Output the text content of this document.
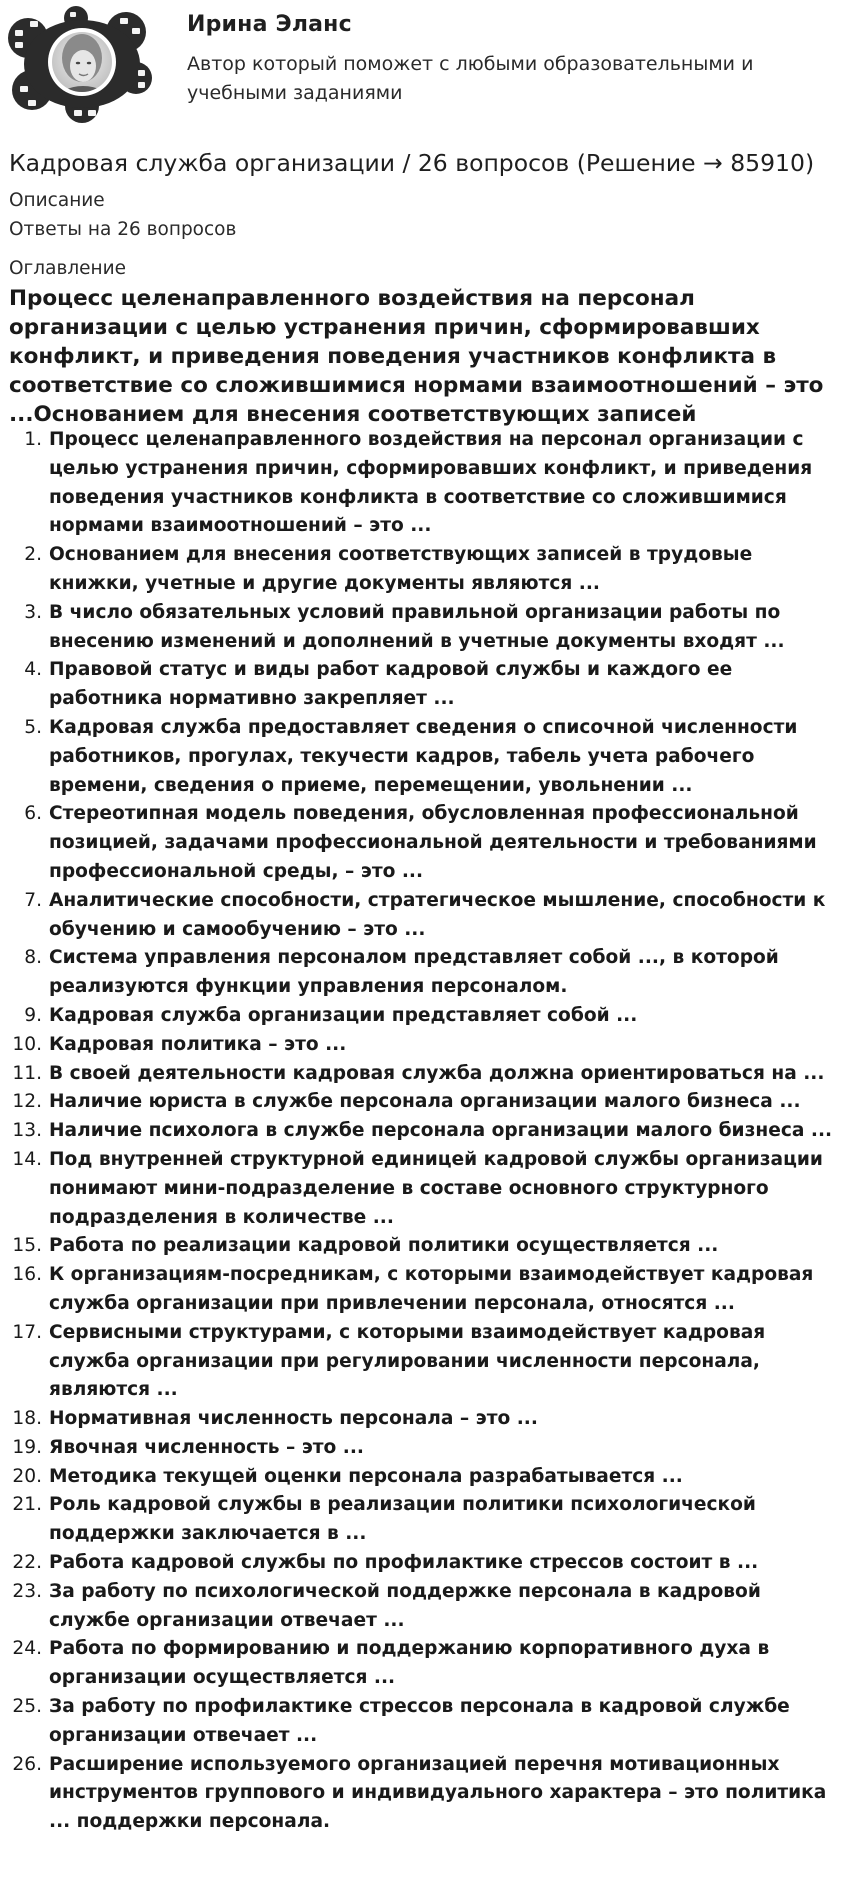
Ирина Эланс
Автор который поможет с любыми образовательными и учебными заданиями
Кадровая служба организации / 26 вопросов (Решение → 85910)
Описание
Ответы на 26 вопросов
Оглавление
Процесс целенаправленного воздействия на персонал организации с целью устранения причин, сформировавших конфликт, и приведения поведения участников конфликта в соответствие со сложившимися нормами взаимоотношений – это ...Основанием для внесения соответствующих записей
1. Процесс целенаправленного воздействия на персонал организации с целью устранения причин, сформировавших конфликт, и приведения поведения участников конфликта в соответствие со сложившимися нормами взаимоотношений – это ...
2. Основанием для внесения соответствующих записей в трудовые книжки, учетные и другие документы являются ...
3. В число обязательных условий правильной организации работы по внесению изменений и дополнений в учетные документы входят ...
4. Правовой статус и виды работ кадровой службы и каждого ее работника нормативно закрепляет ...
5. Кадровая служба предоставляет сведения о списочной численности работников, прогулах, текучести кадров, табель учета рабочего времени, сведения о приеме, перемещении, увольнении ...
6. Стереотипная модель поведения, обусловленная профессиональной позицией, задачами профессиональной деятельности и требованиями профессиональной среды, – это ...
7. Аналитические способности, стратегическое мышление, способности к обучению и самообучению – это ...
8. Система управления персоналом представляет собой ..., в которой реализуются функции управления персоналом.
9. Кадровая служба организации представляет собой ...
10. Кадровая политика – это ...
11. В своей деятельности кадровая служба должна ориентироваться на ...
12. Наличие юриста в службе персонала организации малого бизнеса ...
13. Наличие психолога в службе персонала организации малого бизнеса ...
14. Под внутренней структурной единицей кадровой службы организации понимают мини-подразделение в составе основного структурного подразделения в количестве ...
15. Работа по реализации кадровой политики осуществляется ...
16. К организациям-посредникам, с которыми взаимодействует кадровая служба организации при привлечении персонала, относятся ...
17. Сервисными структурами, с которыми взаимодействует кадровая служба организации при регулировании численности персонала, являются ...
18. Нормативная численность персонала – это ...
19. Явочная численность – это ...
20. Методика текущей оценки персонала разрабатывается ...
21. Роль кадровой службы в реализации политики психологической поддержки заключается в ...
22. Работа кадровой службы по профилактике стрессов состоит в ...
23. За работу по психологической поддержке персонала в кадровой службе организации отвечает ...
24. Работа по формированию и поддержанию корпоративного духа в организации осуществляется ...
25. За работу по профилактике стрессов персонала в кадровой службе организации отвечает ...
26. Расширение используемого организацией перечня мотивационных инструментов группового и индивидуального характера – это политика ... поддержки персонала.
